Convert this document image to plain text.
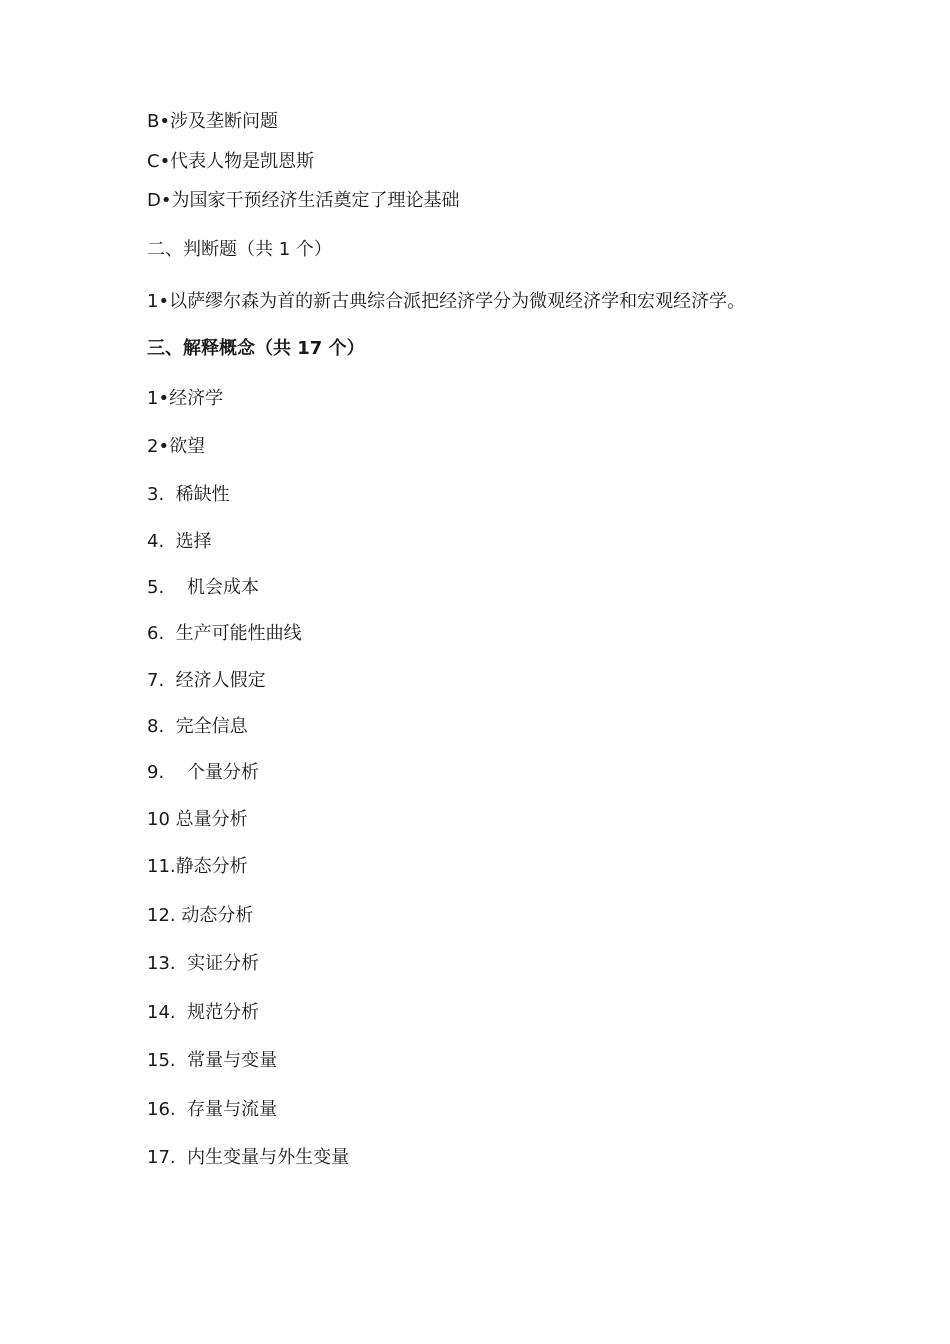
B•涉及垄断问题
C•代表人物是凯恩斯
D•为国家干预经济生活奠定了理论基础
二、判断题（共 1 个）
1•以萨缪尔森为首的新古典综合派把经济学分为微观经济学和宏观经济学。
三、解释概念（共 17 个）
1•经济学
2•欲望
3.  稀缺性
4.  选择
5.    机会成本
6.  生产可能性曲线
7.  经济人假定
8.  完全信息
9.    个量分析
10 总量分析
11.静态分析
12. 动态分析
13.  实证分析
14.  规范分析
15.  常量与变量
16.  存量与流量
17.  内生变量与外生变量
